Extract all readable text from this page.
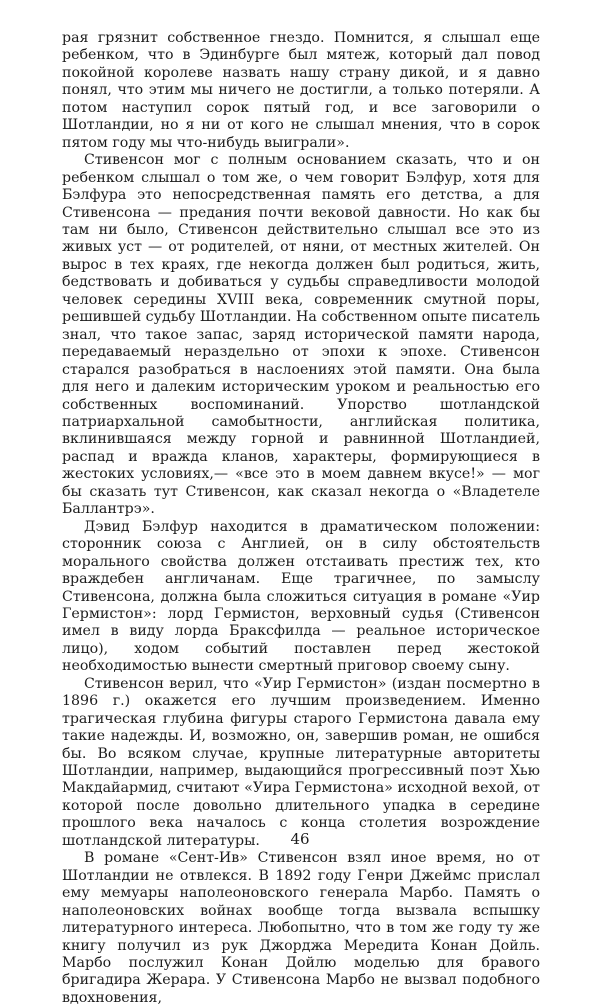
рая грязнит собственное гнездо. Помнится, я слышал еще ребенком, что в Эдинбурге был мятеж, который дал повод покойной королеве назвать нашу страну дикой, и я давно понял, что этим мы ничего не достигли, а только потеряли. А потом наступил сорок пятый год, и все заговорили о Шотландии, но я ни от кого не слышал мнения, что в сорок пятом году мы что-нибудь выиграли».

Стивенсон мог с полным основанием сказать, что и он ребенком слышал о том же, о чем говорит Бэлфур, хотя для Бэлфура это непосредственная память его детства, а для Стивенсона — предания почти вековой давности. Но как бы там ни было, Стивенсон действительно слышал все это из живых уст — от родителей, от няни, от местных жителей. Он вырос в тех краях, где некогда должен был родиться, жить, бедствовать и добиваться у судьбы справедливости молодой человек середины XVIII века, современник смутной поры, решившей судьбу Шотландии. На собственном опыте писатель знал, что такое запас, заряд исторической памяти народа, передаваемый нераздельно от эпохи к эпохе. Стивенсон старался разобраться в наслоениях этой памяти. Она была для него и далеким историческим уроком и реальностью его собственных воспоминаний. Упорство шотландской патриархальной самобытности, английская политика, вклинившаяся между горной и равнинной Шотландией, распад и вражда кланов, характеры, формирующиеся в жестоких условиях,— «все это в моем давнем вкусе!» — мог бы сказать тут Стивенсон, как сказал некогда о «Владетеле Баллантрэ».

Дэвид Бэлфур находится в драматическом положении: сторонник союза с Англией, он в силу обстоятельств морального свойства должен отстаивать престиж тех, кто враждебен англичанам. Еще трагичнее, по замыслу Стивенсона, должна была сложиться ситуация в романе «Уир Гермистон»: лорд Гермистон, верховный судья (Стивенсон имел в виду лорда Браксфилда — реальное историческое лицо), ходом событий поставлен перед жестокой необходимостью вынести смертный приговор своему сыну.

Стивенсон верил, что «Уир Гермистон» (издан посмертно в 1896 г.) окажется его лучшим произведением. Именно трагическая глубина фигуры старого Гермистона давала ему такие надежды. И, возможно, он, завершив роман, не ошибся бы. Во всяком случае, крупные литературные авторитеты Шотландии, например, выдающийся прогрессивный поэт Хью Макдайармид, считают «Уира Гермистона» исходной вехой, от которой после довольно длительного упадка в середине прошлого века началось с конца столетия возрождение шотландской литературы.

В романе «Сент-Ив» Стивенсон взял иное время, но от Шотландии не отвлекся. В 1892 году Генри Джеймс прислал ему мемуары наполеоновского генерала Марбо. Память о наполеоновских войнах вообще тогда вызвала вспышку литературного интереса. Любопытно, что в том же году ту же книгу получил из рук Джорджа Мередита Конан Дойль. Марбо послужил Конан Дойлю моделью для бравого бригадира Жерара. У Стивенсона Марбо не вызвал подобного вдохновения,

46
